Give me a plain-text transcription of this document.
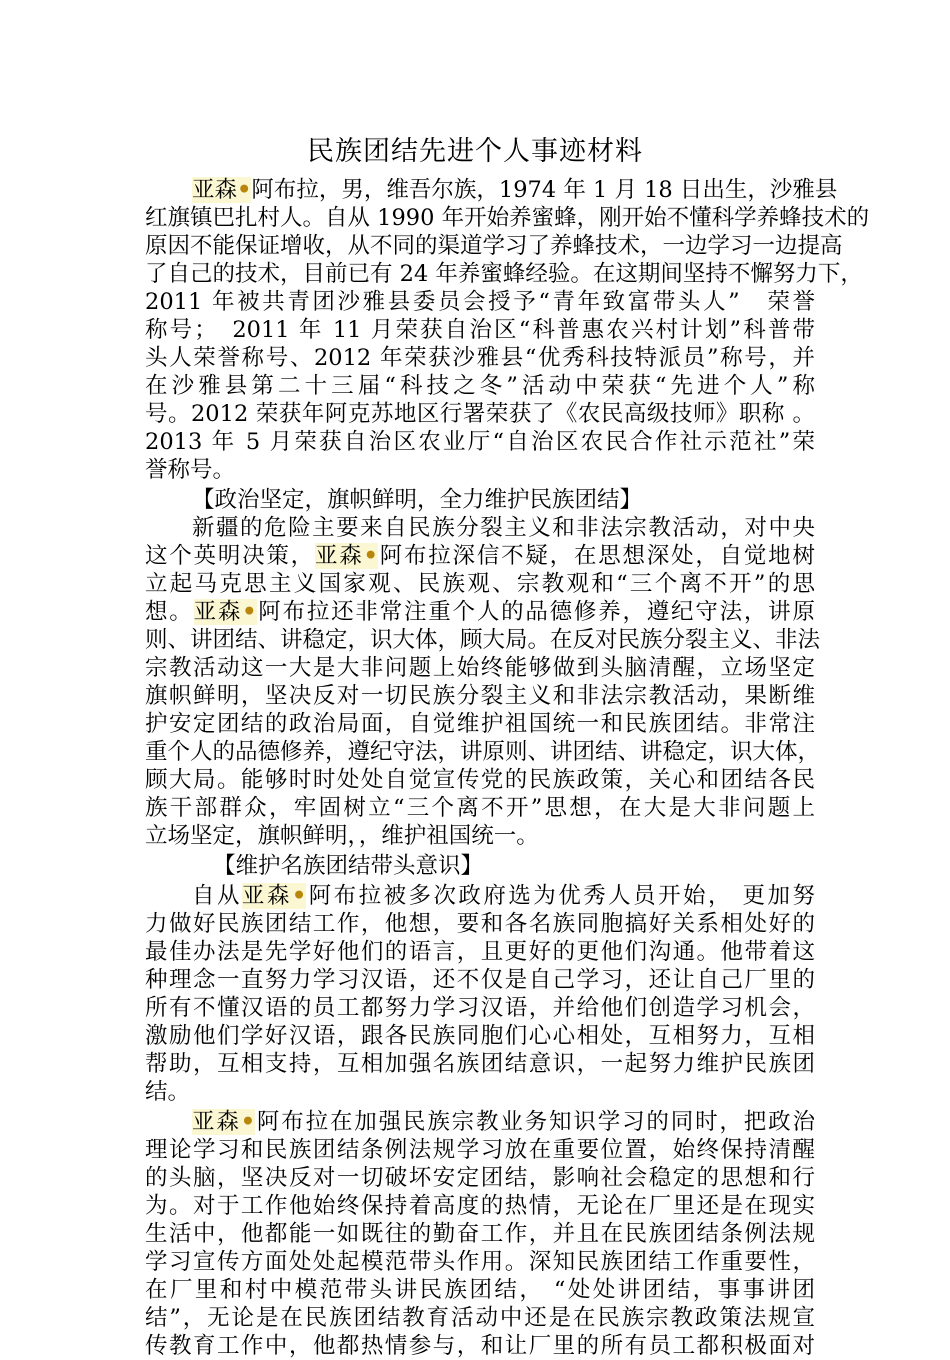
民族团结先进个人事迹材料
亚森•阿布拉，男，维吾尔族，1974 年 1 月 18 日出生，沙雅县
红旗镇巴扎村人。自从 1990 年开始养蜜蜂，刚开始不懂科学养蜂技术的
原因不能保证增收，从不同的渠道学习了养蜂技术，一边学习一边提高
了自己的技术，目前已有 24 年养蜜蜂经验。在这期间坚持不懈努力下，
2011 年被共青团沙雅县委员会授予“青年致富带头人”　荣誉
称号；　2011 年 11 月荣获自治区“科普惠农兴村计划”科普带
头人荣誉称号、2012 年荣获沙雅县“优秀科技特派员”称号，并
在沙雅县第二十三届“科技之冬”活动中荣获“先进个人”称
号。2012 荣获年阿克苏地区行署荣获了《农民高级技师》职称 。
2013 年 5 月荣获自治区农业厅“自治区农民合作社示范社”荣
誉称号。
【政治坚定，旗帜鲜明，全力维护民族团结】
新疆的危险主要来自民族分裂主义和非法宗教活动，对中央
这个英明决策，亚森•阿布拉深信不疑，在思想深处，自觉地树
立起马克思主义国家观、民族观、宗教观和“三个离不开”的思
想。亚森•阿布拉还非常注重个人的品德修养，遵纪守法，讲原
则、讲团结、讲稳定，识大体，顾大局。在反对民族分裂主义、非法
宗教活动这一大是大非问题上始终能够做到头脑清醒，立场坚定
旗帜鲜明，坚决反对一切民族分裂主义和非法宗教活动，果断维
护安定团结的政治局面，自觉维护祖国统一和民族团结。非常注
重个人的品德修养，遵纪守法，讲原则、讲团结、讲稳定，识大体，
顾大局。能够时时处处自觉宣传党的民族政策，关心和团结各民
族干部群众，牢固树立“三个离不开”思想，在大是大非问题上
立场坚定，旗帜鲜明，，维护祖国统一。
【维护名族团结带头意识】
自从亚森•阿布拉被多次政府选为优秀人员开始， 更加努
力做好民族团结工作，他想，要和各名族同胞搞好关系相处好的
最佳办法是先学好他们的语言，且更好的更他们沟通。他带着这
种理念一直努力学习汉语，还不仅是自己学习，还让自己厂里的
所有不懂汉语的员工都努力学习汉语，并给他们创造学习机会，
激励他们学好汉语，跟各民族同胞们心心相处，互相努力，互相
帮助，互相支持，互相加强名族团结意识，一起努力维护民族团
结。
亚森•阿布拉在加强民族宗教业务知识学习的同时，把政治
理论学习和民族团结条例法规学习放在重要位置，始终保持清醒
的头脑，坚决反对一切破坏安定团结，影响社会稳定的思想和行
为。对于工作他始终保持着高度的热情，无论在厂里还是在现实
生活中，他都能一如既往的勤奋工作，并且在民族团结条例法规
学习宣传方面处处起模范带头作用。深知民族团结工作重要性，
在厂里和村中模范带头讲民族团结， “处处讲团结，事事讲团
结”，无论是在民族团结教育活动中还是在民族宗教政策法规宣
传教育工作中，他都热情参与，和让厂里的所有员工都积极面对
